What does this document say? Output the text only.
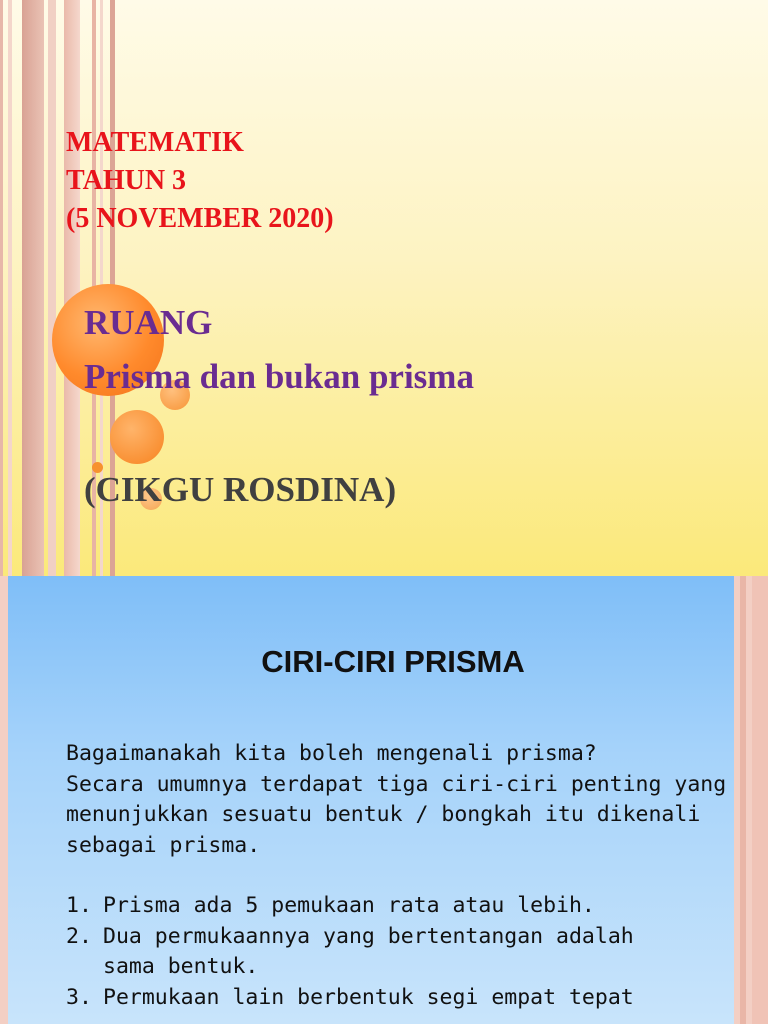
MATEMATIK
TAHUN 3
(5 NOVEMBER 2020)
RUANG
Prisma dan bukan prisma
(CIKGU ROSDINA)
CIRI-CIRI PRISMA

Bagaimanakah kita boleh mengenali prisma?

Secara umumnya terdapat tiga ciri-ciri penting yang

menunjukkan sesuatu bentuk / bongkah itu dikenali

sebagai prisma.

1. Prisma ada 5 pemukaan rata atau lebih.
2. Dua permukaannya yang bertentangan adalah
sama bentuk.
3. Permukaan lain berbentuk segi empat tepat
